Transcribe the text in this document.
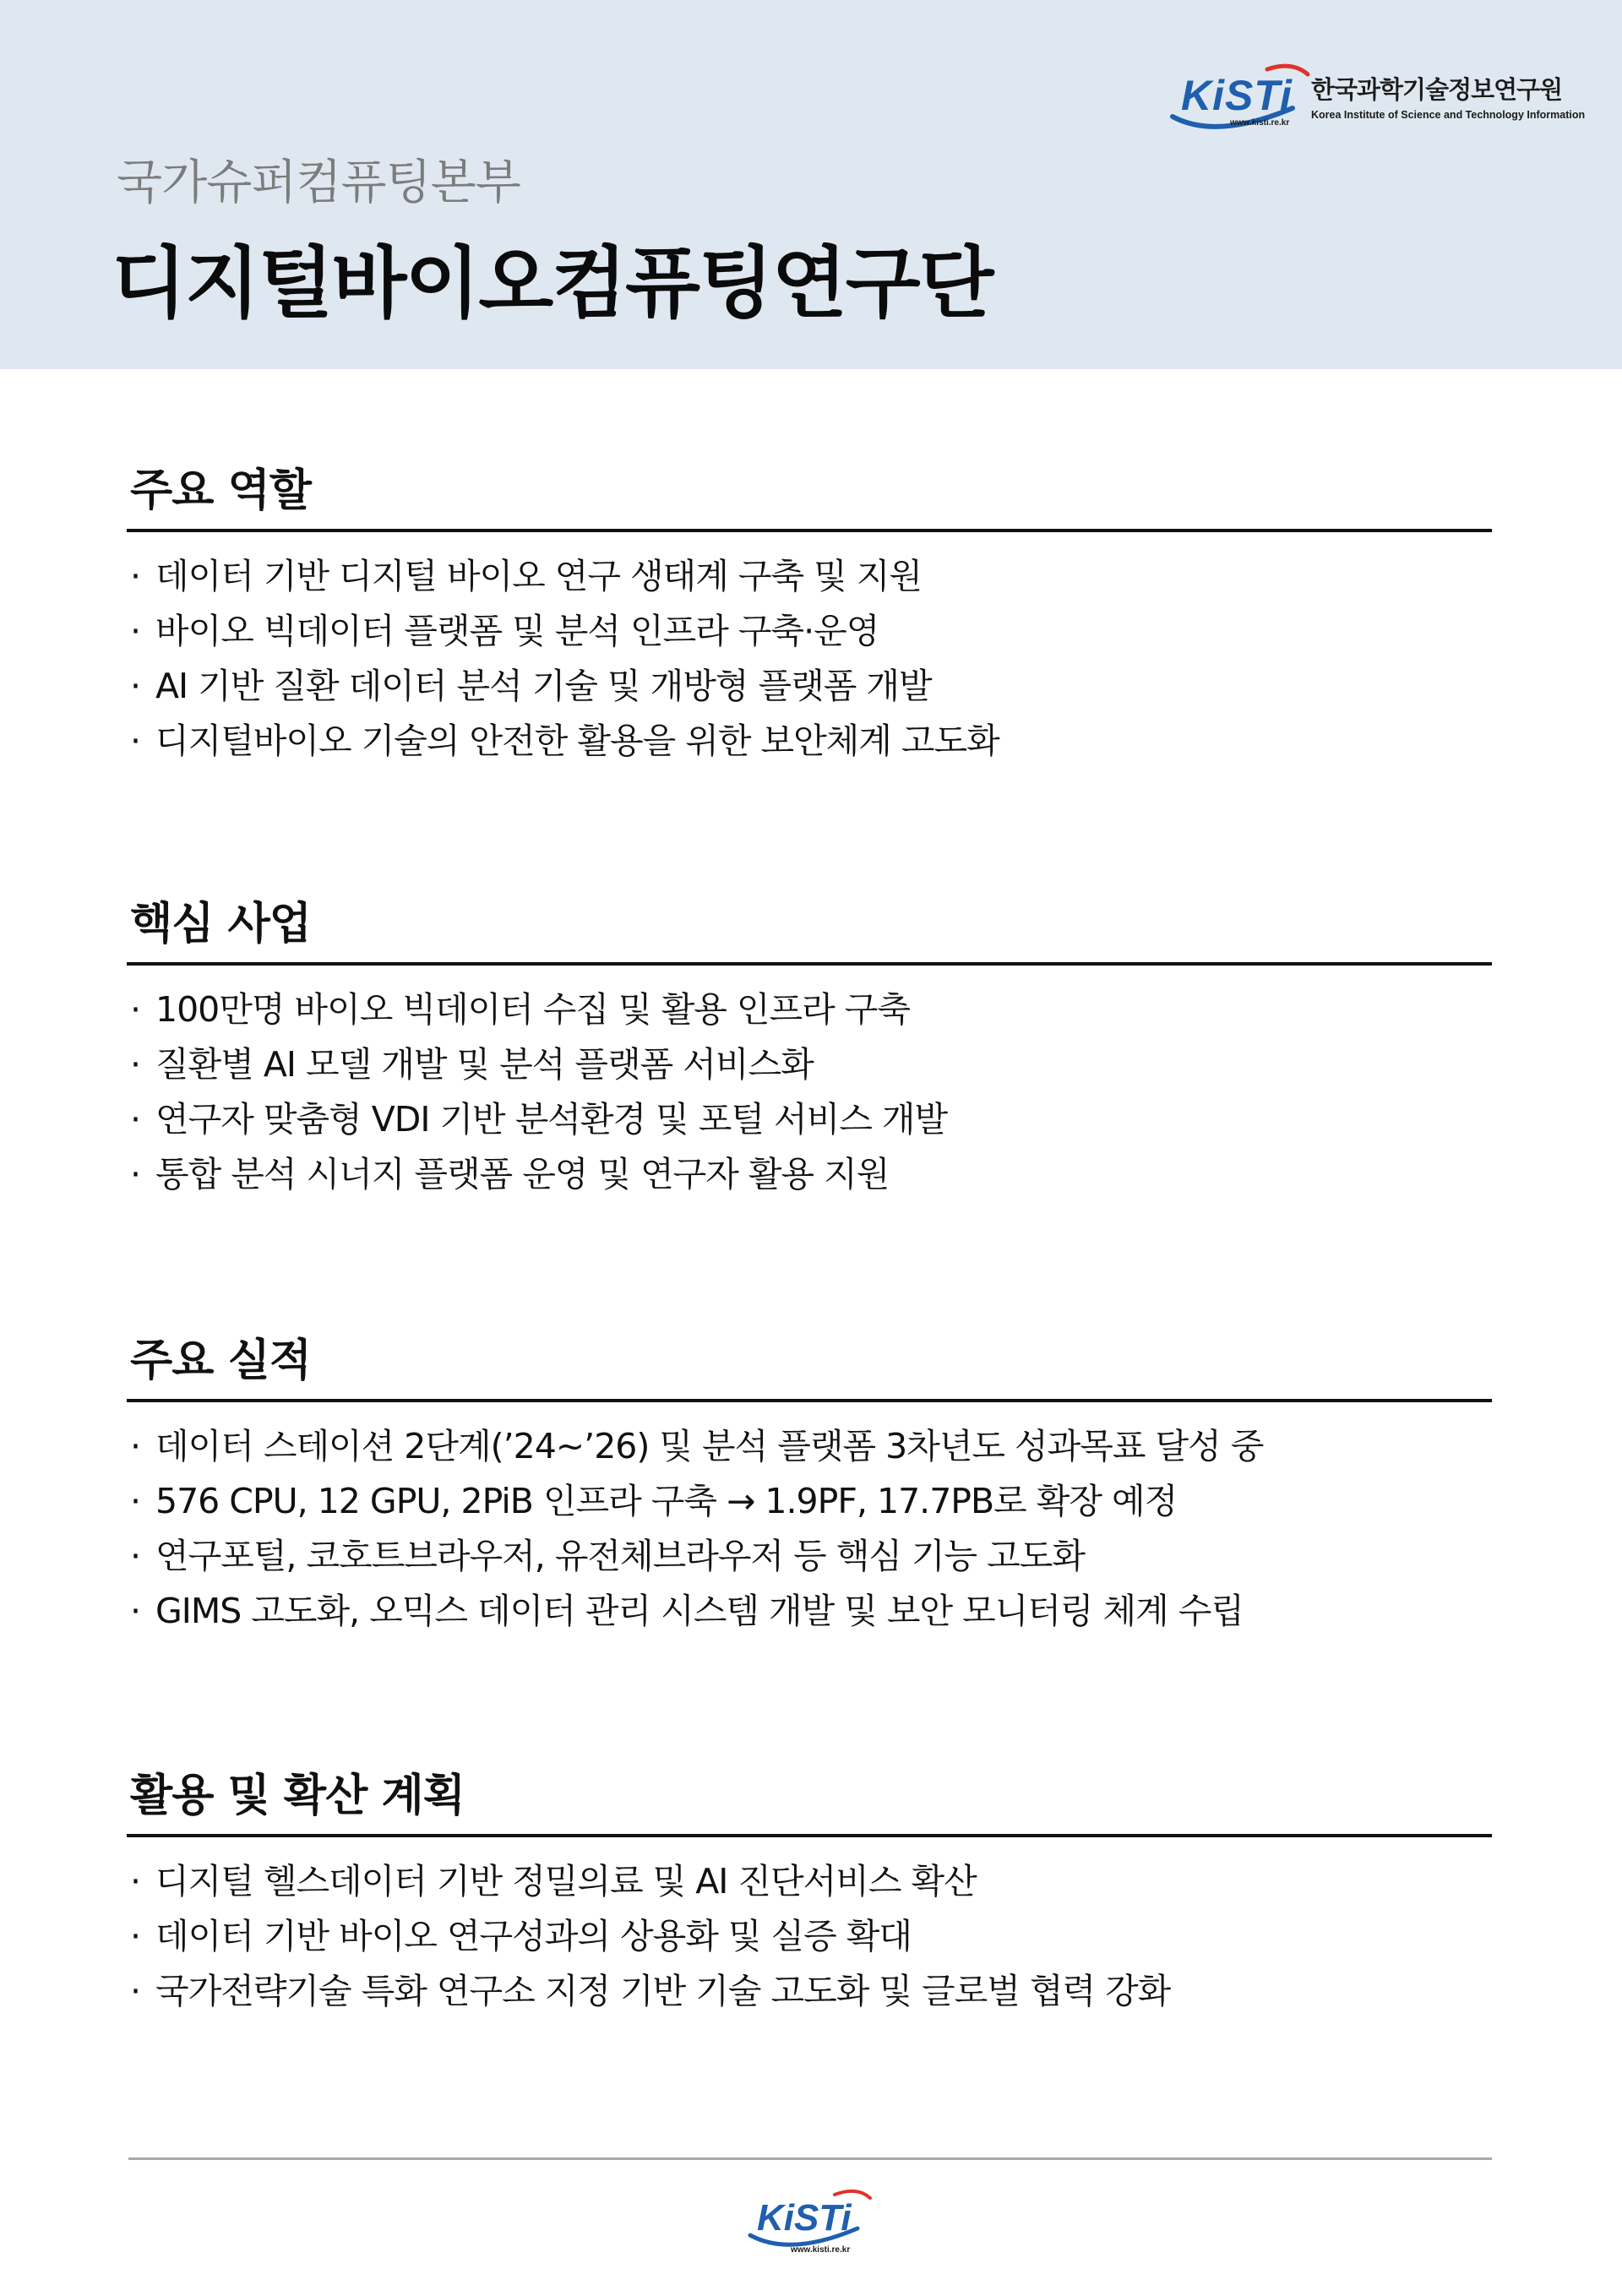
KiSTi 한국과학기술정보연구원
Korea Institute of Science and Technology Information
www.kisti.re.kr
국가슈퍼컴퓨팅본부
디지털바이오컴퓨팅연구단
주요 역할
· 데이터 기반 디지털 바이오 연구 생태계 구축 및 지원
· 바이오 빅데이터 플랫폼 및 분석 인프라 구축·운영
· AI 기반 질환 데이터 분석 기술 및 개방형 플랫폼 개발
· 디지털바이오 기술의 안전한 활용을 위한 보안체계 고도화
핵심 사업
· 100만명 바이오 빅데이터 수집 및 활용 인프라 구축
· 질환별 AI 모델 개발 및 분석 플랫폼 서비스화
· 연구자 맞춤형 VDI 기반 분석환경 및 포털 서비스 개발
· 통합 분석 시너지 플랫폼 운영 및 연구자 활용 지원
주요 실적
· 데이터 스테이션 2단계(’24~’26) 및 분석 플랫폼 3차년도 성과목표 달성 중
· 576 CPU, 12 GPU, 2PiB 인프라 구축 → 1.9PF, 17.7PB로 확장 예정
· 연구포털, 코호트브라우저, 유전체브라우저 등 핵심 기능 고도화
· GIMS 고도화, 오믹스 데이터 관리 시스템 개발 및 보안 모니터링 체계 수립
활용 및 확산 계획
· 디지털 헬스데이터 기반 정밀의료 및 AI 진단서비스 확산
· 데이터 기반 바이오 연구성과의 상용화 및 실증 확대
· 국가전략기술 특화 연구소 지정 기반 기술 고도화 및 글로벌 협력 강화
KiSTi
www.kisti.re.kr
